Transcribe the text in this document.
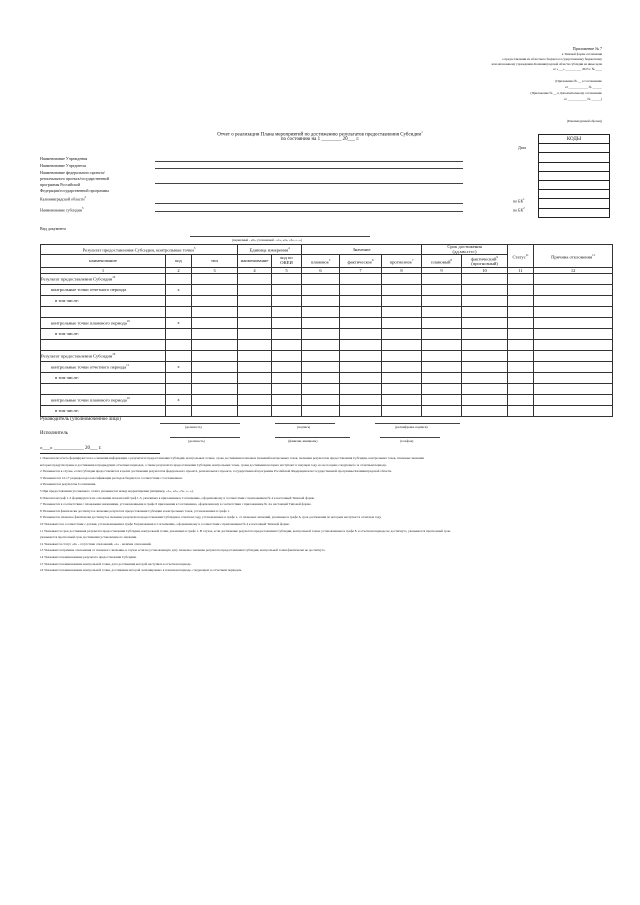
Приложение № 7
к Типовой форме соглашения
о предоставлении из областного бюджета государственному бюджетному
или автономному учреждению Калининградской области субсидии на иные цели
от «___» __________ 2023 г. № ____
(Приложение № __ к Соглашению
от ____________ № ______
(Приложение № __ к Дополнительному соглашению
от ____________ № ______)
(Рекомендуемый образец)
Отчет о реализации Плана мероприятий по достижению результатов предоставления Субсидии$^1$
по состоянию на 1 ________ 20___ г.	КОДЫ

Дата
по $БК^1$
по $БК^2$
Наименование Учреждения
Наименование Учредителя
Наименование федерального проекта/
регионального проекта/государственной
программы Российской
Федерации/государственной программы
Калининградской области$^2$
Наименование субсидии$^3$
Вид документа
(первичный - «0», уточненный - «1», «2», «3», «...»)
Результат предоставления Субсидии, контрольные точки$^3$			Единица измерения$^4$		Значение			Срок достижения
(дд.мм.гггг.)		Статус$^{11}$	Причина отклонения$^{11}$
наименование	код	тип	наименование	код по
ОКЕИ	плановое$^5$	фактическое$^6$	прогнозное$^7$	плановый$^8$	фактический$^9$
(прогнозный)		
1	2	3	4	5	6	7	8	9	10	11	12
Результат предоставления Субсидии$^{10}$											
контрольные точки отчетного периода	х										
в том числе:											

контрольные точки планового периода$^{10}$	х										
в том числе:											

Результат предоставления Субсидии$^{10}$											
контрольные точки отчетного периода$^{11}$	х										
в том числе:											

контрольные точки планового периода$^{10}$	х										
в том числе:											
Руководитель (уполномоченное лицо)
(должность)	(подпись)	(расшифровка подписи)
Исполнитель
(должность)	(фамилия, инициалы)	(телефон)
«___» ____________ 20___ г.
1 Показатели отчета формируются на основании информации о результатах предоставления Субсидии, контрольных точках, сроке достижения плановых значений контрольных точек, значении результатов предоставления Субсидии, контрольных точек, плановые значения
которых предусмотрены в достижения в предыдущих отчетных периодах, а также результатах предоставления Субсидии, контрольных точек, сроки достижения которых наступают в текущем году, но не позднее следующего за отчетным периода.
2 Указывается в случае, если Субсидия предоставляется в целях достижения результатов федерального проекта, регионального проекта, государственной программы Российской Федерации или государственной программы Калининградской области.
3 Указываются 12-17 разряды кода классификации расходов бюджета в соответствии с Соглашением.
4 Указываются результаты Соглашения.
5 При предоставлении уточненного отчета указывается номер корректировки (например, «1», «2», «3», «...»).
6 Показатели граф 1-3 формируются на основании показателей граф 1-3, указанных в приложении к Соглашению, оформленному в соответствии с приложением № 4 к настоящей Типовой форме.
7 Указывается в соответствии с плановыми значениями, установленными в графе 6 приложения к Соглашению, оформленному в соответствии с приложением № 4 к настоящей Типовой форме.
8 Указывается фактически достигнутое значение результата предоставления Субсидии и контрольных точек, установленных в графе 1.
9 Указывается плановое фактически достигнутое значение результатов предоставления Субсидии в отчетном году, установленных в графе 1, от плановых значений, указанных в графе 6, срок достижения по которым наступает в отчетном году.
10 Указывается в соответствии с датами, установленными в графе 8 приложения к Соглашению, оформленному в соответствии с приложением № 4 к настоящей Типовой форме.
11 Указывается срок достижения результата предоставления Субсидии, контрольной точки, указанных в графе 1. В случае, если достижение результата предоставления Субсидии, контрольной точки, установленных в графе 8, в отчетном периоде не достигнуто, указывается прогнозный срок.
указывается прогнозный срок достижения установленного значения.
12 Указывается статус «0» - отсутствие отклонений, «1» - наличие отклонений.
13 Указывается причина отклонения от планового значения, в случае если на установленную дату плановое значение результата предоставления Субсидии, контрольной точки фактически не достигнуто.
14 Указывается наименование результата предоставления Субсидии.
15 Указывается наименование контрольной точки, дата достижения которой наступила в отчетном периоде.
16 Указывается наименование контрольной точки, достижение которой запланировано в плановом периоде, следующем за отчетным периодом.
